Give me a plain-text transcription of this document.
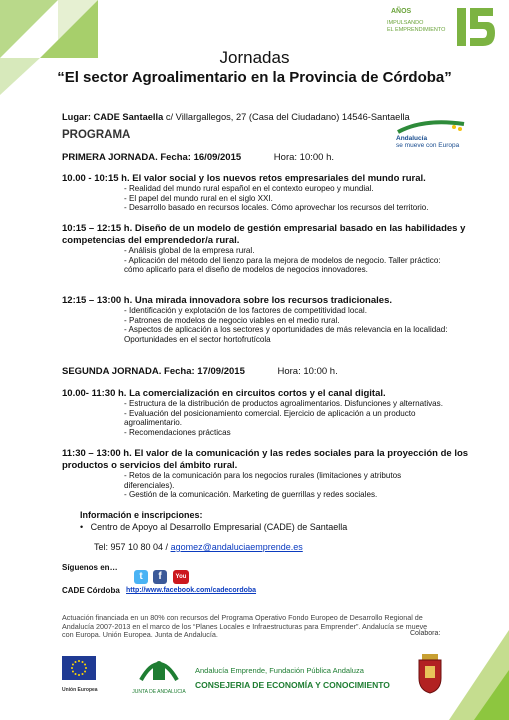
AÑOS
IMPULSANDO
EL EMPRENDIMIENTO
Jornadas
“El sector Agroalimentario en la Provincia de Córdoba”
Lugar: CADE Santaella c/ Villargallegos, 27 (Casa del Ciudadano) 14546-Santaella
PROGRAMA	Andalucía
se mueve con Europa
PRIMERA JORNADA. Fecha: 16/09/2015	Hora: 10:00 h.
10.00 - 10:15 h. El valor social y los nuevos retos empresariales del mundo rural.
- Realidad del mundo rural español en el contexto europeo y mundial.
- El papel del mundo rural en el siglo XXI.
- Desarrollo basado en recursos locales. Cómo aprovechar los recursos del territorio.
10:15 – 12:15 h. Diseño de un modelo de gestión empresarial basado en las habilidades y
competencias del emprendedor/a rural.
- Análisis global de la empresa rural.
- Aplicación del método del lienzo para la mejora de modelos de negocio. Taller práctico:
cómo aplicarlo para el diseño de modelos de negocios innovadores.
12:15 – 13:00 h. Una mirada innovadora sobre los recursos tradicionales.
- Identificación y explotación de los factores de competitividad local.
- Patrones de modelos de negocio viables en el medio rural.
- Aspectos de aplicación a los sectores y oportunidades de más relevancia en la localidad:
Oportunidades en el sector hortofrutícola
SEGUNDA JORNADA. Fecha: 17/09/2015	Hora: 10:00 h.
10.00- 11:30 h. La comercialización en circuitos cortos y el canal digital.
- Estructura de la distribución de productos agroalimentarios. Disfunciones y alternativas.
- Evaluación del posicionamiento comercial. Ejercicio de aplicación a un producto
agroalimentario.
- Recomendaciones prácticas
11:30 – 13:00 h. El valor de la comunicación y las redes sociales para la proyección de los
productos o servicios del ámbito rural.
- Retos de la comunicación para los negocios rurales (limitaciones y atributos
diferenciales).
- Gestión de la comunicación. Marketing de guerrillas y redes sociales.
Información e inscripciones:
•   Centro de Apoyo al Desarrollo Empresarial (CADE) de Santaella
Tel: 957 10 80 04 / agomez@andaluciaemprende.es
Síguenos en…
CADE Córdoba
t	f	You
http://www.facebook.com/cadecordoba
Actuación financiada en un 80% con recursos del Programa Operativo Fondo Europeo de Desarrollo Regional de
Andalucía 2007-2013 en el marco de los “Planes Locales e Infraestructuras para Emprender”. Andalucía se mueve
con Europa. Unión Europea. Junta de Andalucía.	Colabora:
Unión Europea	JUNTA DE ANDALUCIA
Andalucía Emprende, Fundación Pública Andaluza
CONSEJERIA DE ECONOMÍA Y CONOCIMIENTO
